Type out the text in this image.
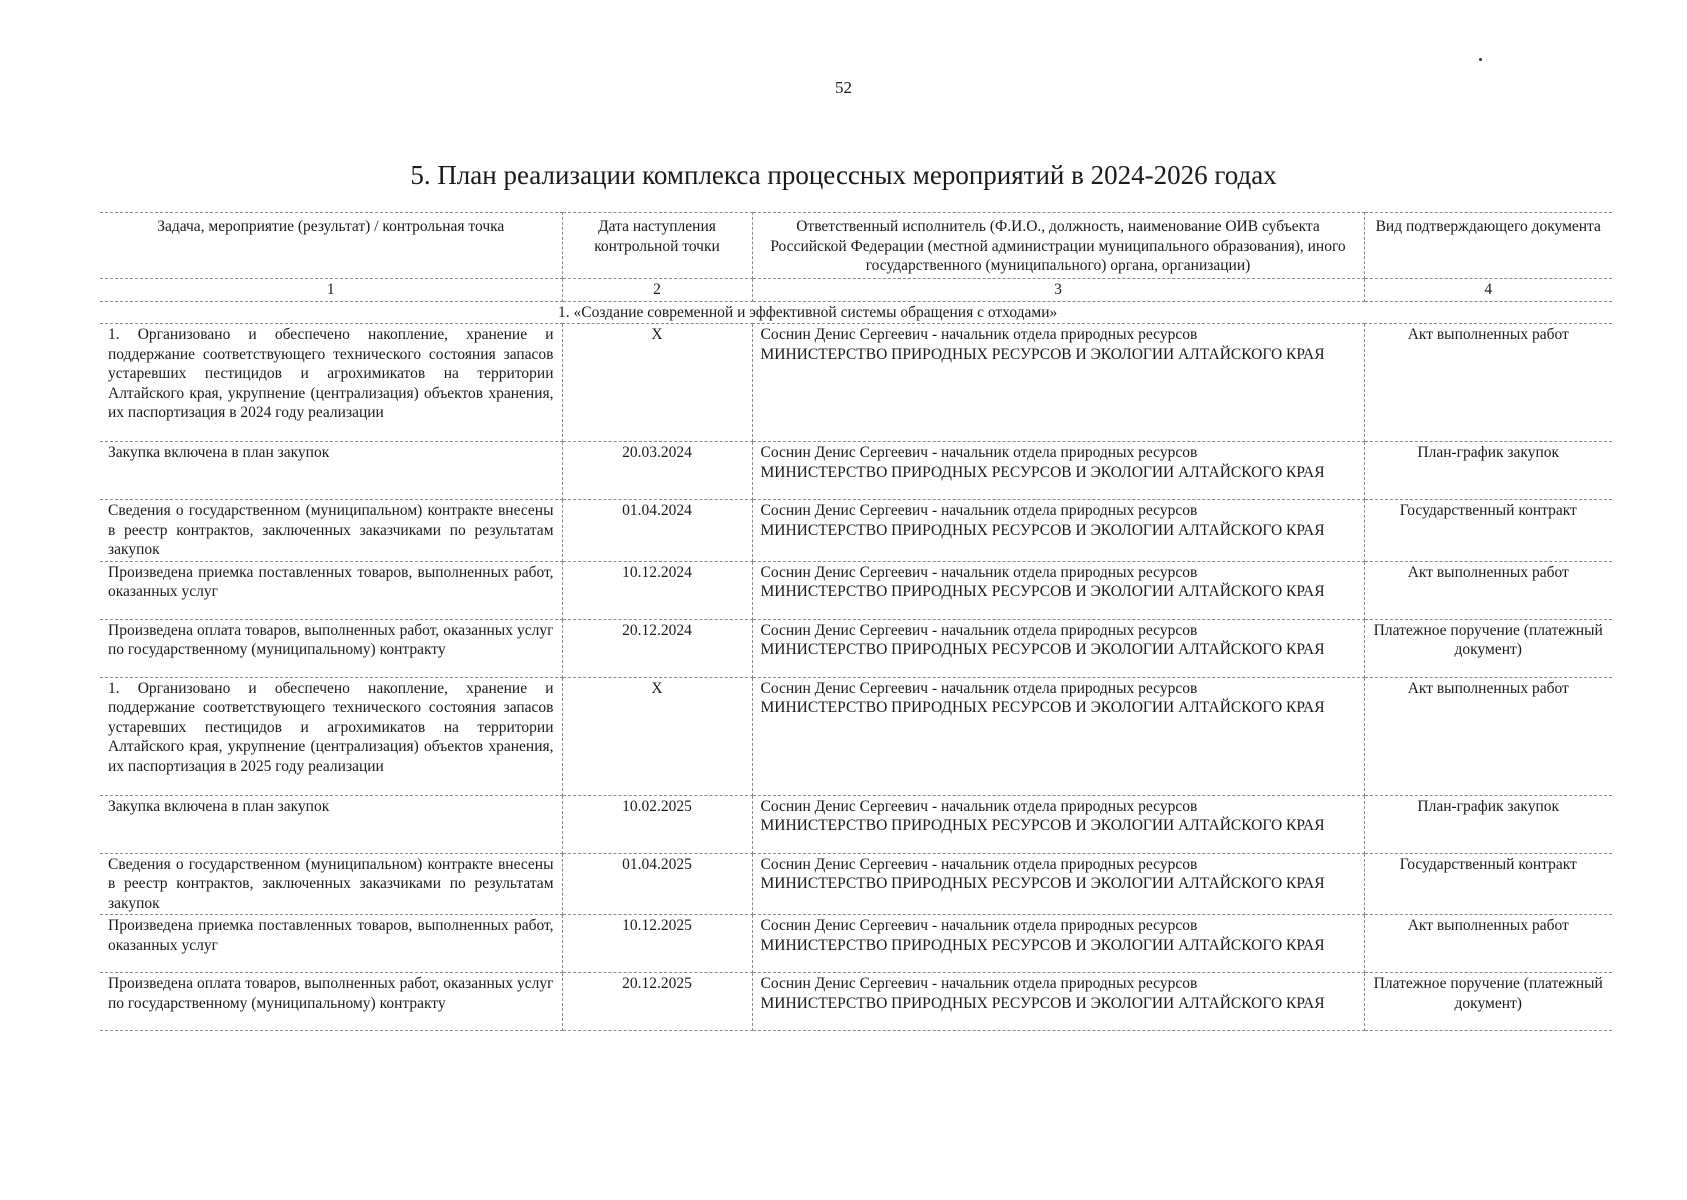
52
5. План реализации комплекса процессных мероприятий в 2024-2026 годах
Задача, мероприятие (результат) / контрольная точка	Дата наступления контрольной точки	Ответственный исполнитель (Ф.И.О., должность, наименование ОИВ субъекта Российской Федерации (местной администрации муниципального образования), иного государственного (муниципального) органа, организации)	Вид подтверждающего документа
1	2	3	4

1. «Создание современной и эффективной системы обращения с отходами»			

1. Организовано и обеспечено накопление, хранение и поддержание соответствующего технического состояния запасов устаревших пестицидов и агрохимикатов на территории Алтайского края, укрупнение (централизация) объектов хранения, их паспортизация в 2024 году реализации	X	Соснин Денис Сергеевич - начальник отдела природных ресурсов
МИНИСТЕРСТВО ПРИРОДНЫХ РЕСУРСОВ И ЭКОЛОГИИ АЛТАЙСКОГО КРАЯ	Акт выполненных работ
Закупка включена в план закупок	20.03.2024	Соснин Денис Сергеевич - начальник отдела природных ресурсов
МИНИСТЕРСТВО ПРИРОДНЫХ РЕСУРСОВ И ЭКОЛОГИИ АЛТАЙСКОГО КРАЯ	План-график закупок
Сведения о государственном (муниципальном) контракте внесены в реестр контрактов, заключенных заказчиками по результатам закупок	01.04.2024	Соснин Денис Сергеевич - начальник отдела природных ресурсов
МИНИСТЕРСТВО ПРИРОДНЫХ РЕСУРСОВ И ЭКОЛОГИИ АЛТАЙСКОГО КРАЯ	Государственный контракт
Произведена приемка поставленных товаров, выполненных работ, оказанных услуг	10.12.2024	Соснин Денис Сергеевич - начальник отдела природных ресурсов
МИНИСТЕРСТВО ПРИРОДНЫХ РЕСУРСОВ И ЭКОЛОГИИ АЛТАЙСКОГО КРАЯ	Акт выполненных работ
Произведена оплата товаров, выполненных работ, оказанных услуг по государственному (муниципальному) контракту	20.12.2024	Соснин Денис Сергеевич - начальник отдела природных ресурсов
МИНИСТЕРСТВО ПРИРОДНЫХ РЕСУРСОВ И ЭКОЛОГИИ АЛТАЙСКОГО КРАЯ	Платежное поручение (платежный документ)
1. Организовано и обеспечено накопление, хранение и поддержание соответствующего технического состояния запасов устаревших пестицидов и агрохимикатов на территории Алтайского края, укрупнение (централизация) объектов хранения, их паспортизация в 2025 году реализации	X	Соснин Денис Сергеевич - начальник отдела природных ресурсов
МИНИСТЕРСТВО ПРИРОДНЫХ РЕСУРСОВ И ЭКОЛОГИИ АЛТАЙСКОГО КРАЯ	Акт выполненных работ
Закупка включена в план закупок	10.02.2025	Соснин Денис Сергеевич - начальник отдела природных ресурсов
МИНИСТЕРСТВО ПРИРОДНЫХ РЕСУРСОВ И ЭКОЛОГИИ АЛТАЙСКОГО КРАЯ	План-график закупок
Сведения о государственном (муниципальном) контракте внесены в реестр контрактов, заключенных заказчиками по результатам закупок	01.04.2025	Соснин Денис Сергеевич - начальник отдела природных ресурсов
МИНИСТЕРСТВО ПРИРОДНЫХ РЕСУРСОВ И ЭКОЛОГИИ АЛТАЙСКОГО КРАЯ	Государственный контракт
Произведена приемка поставленных товаров, выполненных работ, оказанных услуг	10.12.2025	Соснин Денис Сергеевич - начальник отдела природных ресурсов
МИНИСТЕРСТВО ПРИРОДНЫХ РЕСУРСОВ И ЭКОЛОГИИ АЛТАЙСКОГО КРАЯ	Акт выполненных работ
Произведена оплата товаров, выполненных работ, оказанных услуг по государственному (муниципальному) контракту	20.12.2025	Соснин Денис Сергеевич - начальник отдела природных ресурсов
МИНИСТЕРСТВО ПРИРОДНЫХ РЕСУРСОВ И ЭКОЛОГИИ АЛТАЙСКОГО КРАЯ	Платежное поручение (платежный документ)
